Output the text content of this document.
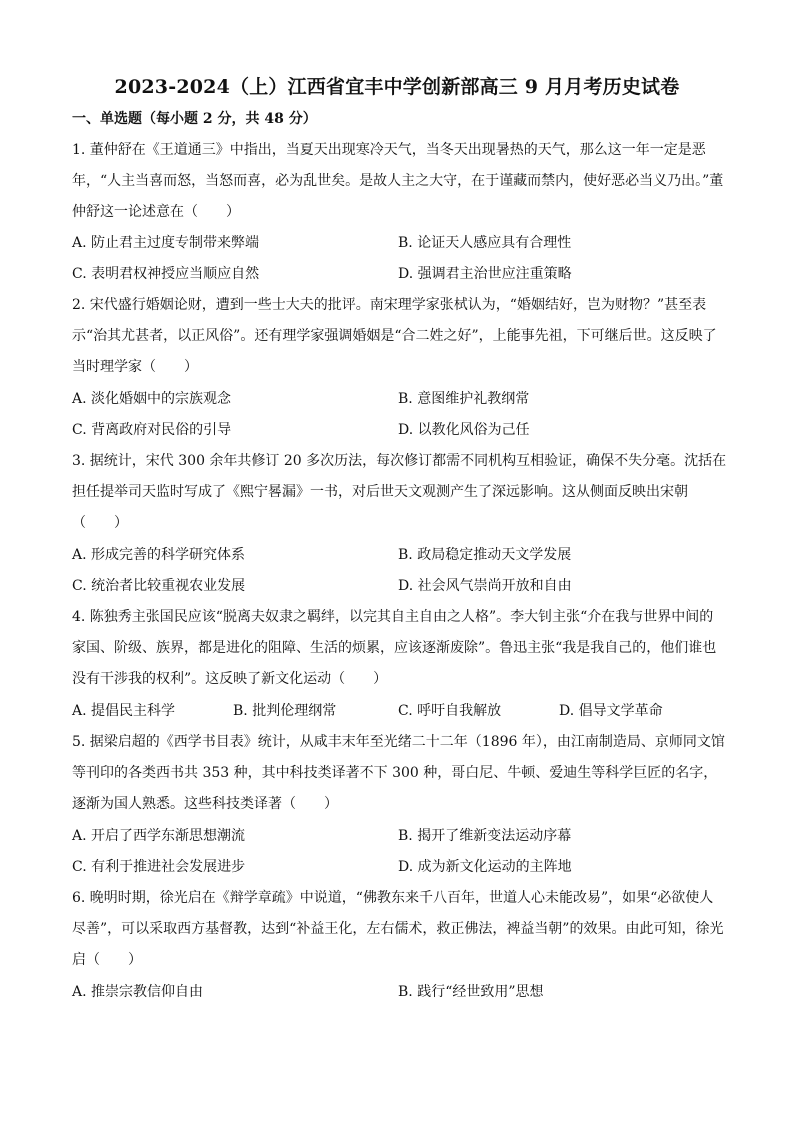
2023-2024（上）江西省宜丰中学创新部高三 9 月月考历史试卷
一、单选题（每小题 2 分，共 48 分）
1. 董仲舒在《王道通三》中指出，当夏天出现寒冷天气，当冬天出现暑热的天气，那么这一年一定是恶年，“人主当喜而怒，当怒而喜，必为乱世矣。是故人主之大守，在于谨藏而禁内，使好恶必当义乃出。”董仲舒这一论述意在（　　）
A. 防止君主过度专制带来弊端	B. 论证天人感应具有合理性
C. 表明君权神授应当顺应自然	D. 强调君主治世应注重策略
2. 宋代盛行婚姻论财，遭到一些士大夫的批评。南宋理学家张栻认为，“婚姻结好，岂为财物？”甚至表示“治其尤甚者，以正风俗”。还有理学家强调婚姻是“合二姓之好”，上能事先祖，下可继后世。这反映了当时理学家（　　）
A. 淡化婚姻中的宗族观念	B. 意图维护礼教纲常
C. 背离政府对民俗的引导	D. 以教化风俗为己任
3. 据统计，宋代 300 余年共修订 20 多次历法，每次修订都需不同机构互相验证，确保不失分毫。沈括在担任提举司天监时写成了《熙宁晷漏》一书，对后世天文观测产生了深远影响。这从侧面反映出宋朝（　　）
A. 形成完善的科学研究体系	B. 政局稳定推动天文学发展
C. 统治者比较重视农业发展	D. 社会风气崇尚开放和自由
4. 陈独秀主张国民应该“脱离夫奴隶之羁绊，以完其自主自由之人格”。李大钊主张“介在我与世界中间的家国、阶级、族界，都是进化的阻障、生活的烦累，应该逐渐废除”。鲁迅主张“我是我自己的，他们谁也没有干涉我的权利”。这反映了新文化运动（　　）
A. 提倡民主科学	B. 批判伦理纲常	C. 呼吁自我解放	D. 倡导文学革命
5. 据梁启超的《西学书目表》统计，从咸丰末年至光绪二十二年（1896 年），由江南制造局、京师同文馆等刊印的各类西书共 353 种，其中科技类译著不下 300 种，哥白尼、牛顿、爱迪生等科学巨匠的名字，逐渐为国人熟悉。这些科技类译著（　　）
A. 开启了西学东渐思想潮流	B. 揭开了维新变法运动序幕
C. 有利于推进社会发展进步	D. 成为新文化运动的主阵地
6. 晚明时期，徐光启在《辩学章疏》中说道，“佛教东来千八百年，世道人心未能改易”，如果“必欲使人尽善”，可以采取西方基督教，达到“补益王化，左右儒术，救正佛法，裨益当朝”的效果。由此可知，徐光启（　　）
A. 推崇宗教信仰自由	B. 践行“经世致用”思想
